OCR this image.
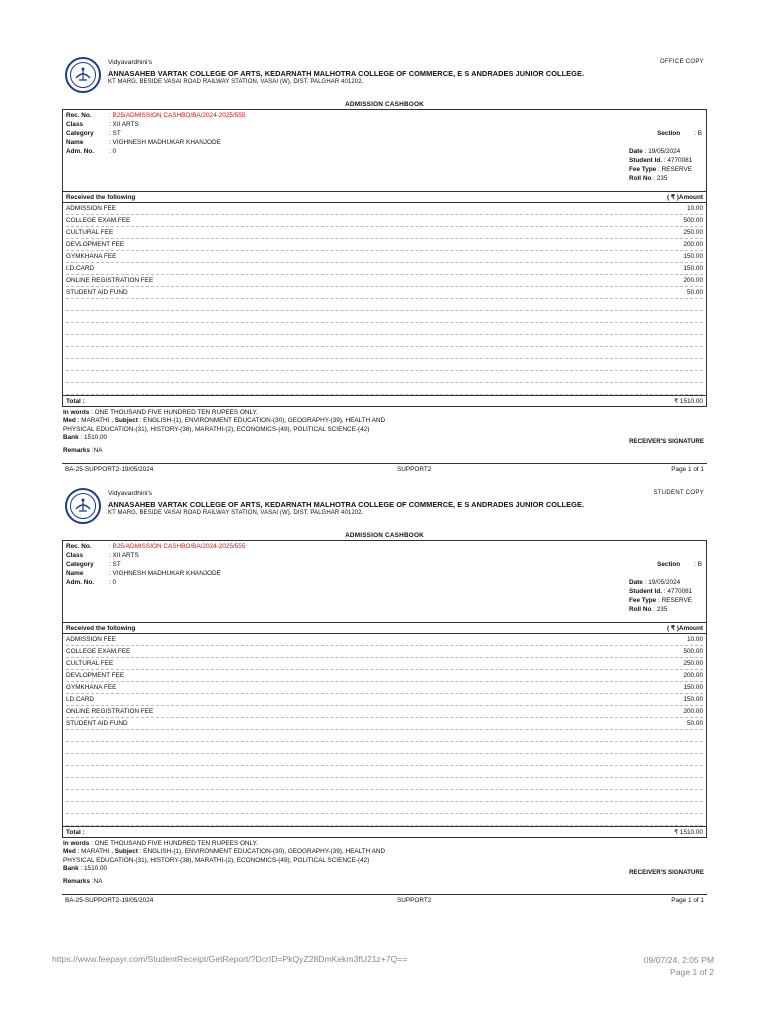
Vidyavardhini's
ANNASAHEB VARTAK COLLEGE OF ARTS, KEDARNATH MALHOTRA COLLEGE OF COMMERCE, E S ANDRADES JUNIOR COLLEGE.
KT MARG, BESIDE VASAI ROAD RAILWAY STATION, VASAI (W), DIST. PALGHAR 401202.
OFFICE COPY
ADMISSION CASHBOOK
Rec. No.	: B25/ADMISSION CASHBO/BA/2024-2025/555
Class	: XII ARTS
Category	: ST
Name	: VIGHNESH MADHUKAR KHANJODE
Adm. No.	: 0
Section : B
Date : 19/05/2024
Student Id. : 4770081
Fee Type : RESERVE
Roll No : 235
Received the following	( ₹ )Amount
ADMISSION FEE	10.00
COLLEGE EXAM.FEE	500.00
CULTURAL FEE	250.00
DEVLOPMENT FEE	200.00
GYMKHANA FEE	150.00
I.D.CARD	150.00
ONLINE REGISTRATION FEE	200.00
STUDENT AID FUND	50.00
Total :	₹ 1510.00
In words : ONE THOUSAND FIVE HUNDRED TEN RUPEES ONLY.
Med : MARATHI , Subject : ENGLISH-(1), ENVIRONMENT EDUCATION-(30), GEOGRAPHY-(39), HEALTH AND
PHYSICAL EDUCATION-(31), HISTORY-(38), MARATHI-(2), ECONOMICS-(49), POLITICAL SCIENCE-(42)
Bank : 1510.00
Remarks :NA
RECEIVER'S SIGNATURE
BA-25-SUPPORT2-19/05/2024	SUPPORT2	Page 1 of 1
Vidyavardhini's
ANNASAHEB VARTAK COLLEGE OF ARTS, KEDARNATH MALHOTRA COLLEGE OF COMMERCE, E S ANDRADES JUNIOR COLLEGE.
KT MARG, BESIDE VASAI ROAD RAILWAY STATION, VASAI (W), DIST. PALGHAR 401202.
STUDENT COPY
ADMISSION CASHBOOK
Rec. No.	: B25/ADMISSION CASHBO/BA/2024-2025/555
Class	: XII ARTS
Category	: ST
Name	: VIGHNESH MADHUKAR KHANJODE
Adm. No.	: 0
Section : B
Date : 19/05/2024
Student Id. : 4770081
Fee Type : RESERVE
Roll No : 235
Received the following	( ₹ )Amount
ADMISSION FEE	10.00
COLLEGE EXAM.FEE	500.00
CULTURAL FEE	250.00
DEVLOPMENT FEE	200.00
GYMKHANA FEE	150.00
I.D.CARD	150.00
ONLINE REGISTRATION FEE	200.00
STUDENT AID FUND	50.00
Total :	₹ 1510.00
In words : ONE THOUSAND FIVE HUNDRED TEN RUPEES ONLY.
Med : MARATHI , Subject : ENGLISH-(1), ENVIRONMENT EDUCATION-(30), GEOGRAPHY-(39), HEALTH AND
PHYSICAL EDUCATION-(31), HISTORY-(38), MARATHI-(2), ECONOMICS-(49), POLITICAL SCIENCE-(42)
Bank : 1510.00
Remarks :NA
RECEIVER'S SIGNATURE
BA-25-SUPPORT2-19/05/2024	SUPPORT2	Page 1 of 1
https://www.feepayr.com/StudentReceipt/GetReport/?DcrID=PkQyZ28DmKekm3fU21z+7Q==	09/07/24, 2:05 PM
Page 1 of 2
